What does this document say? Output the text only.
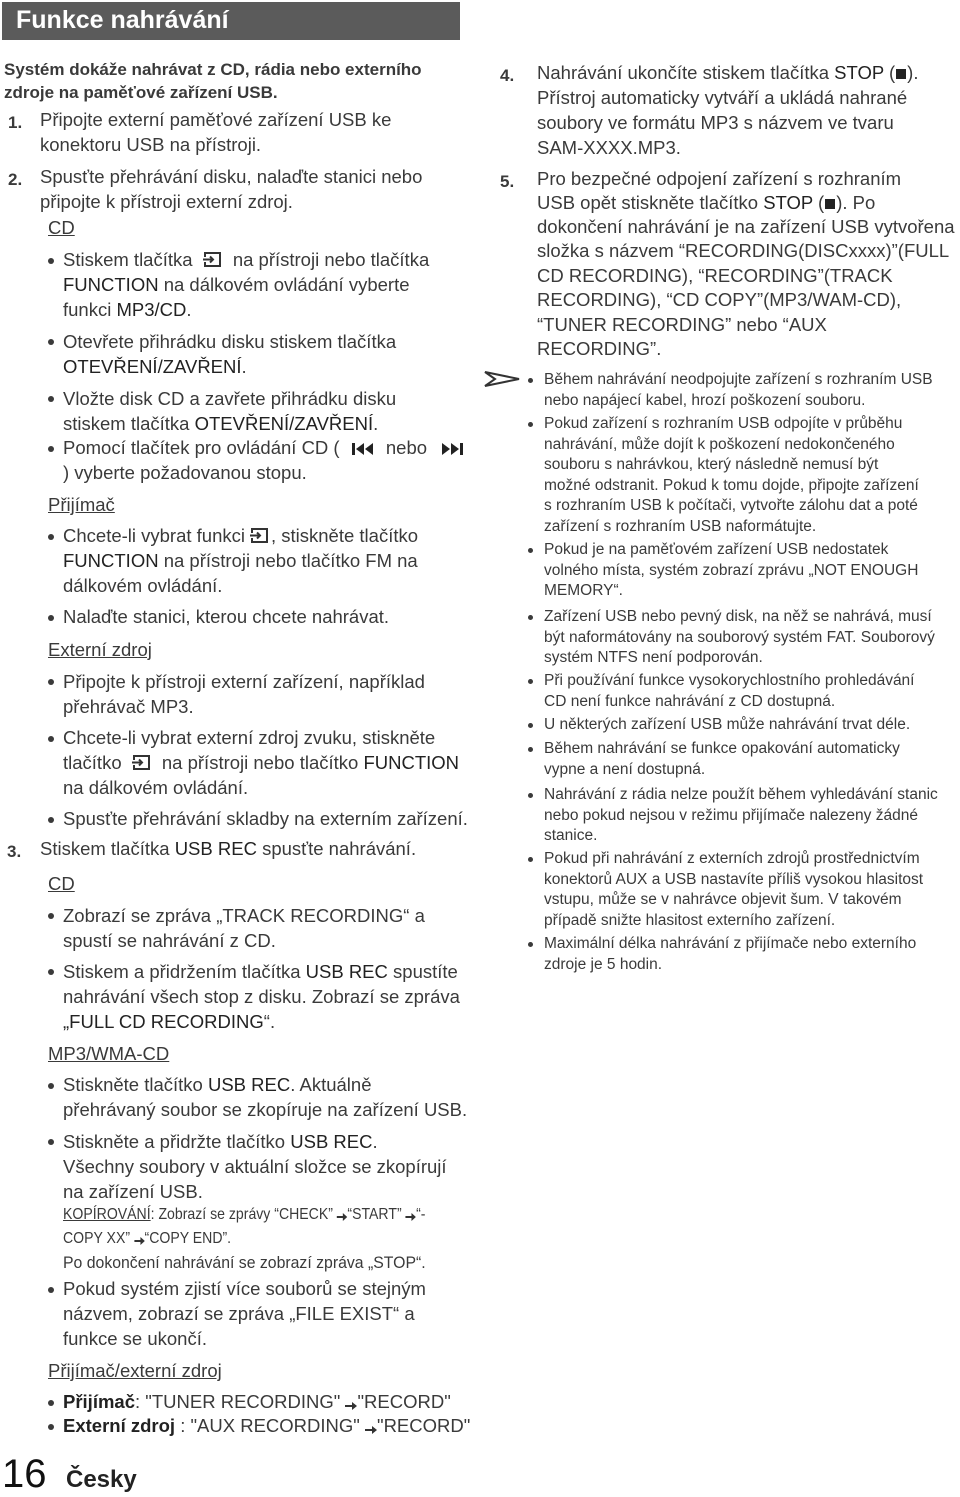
Funkce nahrávání
Systém dokáže nahrávat z CD, rádia nebo externího
zdroje na paměťové zařízení USB.
1. Připojte externí paměťové zařízení USB ke
konektoru USB na přístroji.
2. Spusťte přehrávání disku, nalaďte stanici nebo
připojte k přístroji externí zdroj.
CD
Stiskem tlačítka na přístroji nebo tlačítka
FUNCTION na dálkovém ovládání vyberte
funkci MP3/CD.
Otevřete přihrádku disku stiskem tlačítka
OTEVŘENÍ/ZAVŘENÍ.
Vložte disk CD a zavřete přihrádku disku
stiskem tlačítka OTEVŘENÍ/ZAVŘENÍ.
Pomocí tlačítek pro ovládání CD (	nebo
) vyberte požadovanou stopu.
Přijímač
Chcete-li vybrat funkci , stiskněte tlačítko
FUNCTION na přístroji nebo tlačítko FM na
dálkovém ovládání.
Nalaďte stanici, kterou chcete nahrávat.
Externí zdroj
Připojte k přístroji externí zařízení, například
přehrávač MP3.
Chcete-li vybrat externí zdroj zvuku, stiskněte
tlačítko na přístroji nebo tlačítko FUNCTION
na dálkovém ovládání.
Spusťte přehrávání skladby na externím zařízení.
3. Stiskem tlačítka USB REC spusťte nahrávání.
CD
Zobrazí se zpráva „TRACK RECORDING“ a
spustí se nahrávání z CD.
Stiskem a přidržením tlačítka USB REC spustíte
nahrávání všech stop z disku. Zobrazí se zpráva
„FULL CD RECORDING“.
MP3/WMA-CD
Stiskněte tlačítko USB REC. Aktuálně
přehrávaný soubor se zkopíruje na zařízení USB.
Stiskněte a přidržte tlačítko USB REC.
Všechny soubory v aktuální složce se zkopírují
na zařízení USB.
KOPÍROVÁNÍ: Zobrazí se zprávy “CHECK” “START” “-
COPY XX” “COPY END”.
Po dokončení nahrávání se zobrazí zpráva „STOP“.
Pokud systém zjistí více souborů se stejným
názvem, zobrazí se zpráva „FILE EXIST“ a
funkce se ukončí.
Přijímač/externí zdroj
Přijímač: "TUNER RECORDING" "RECORD"
Externí zdroj : "AUX RECORDING" "RECORD"
16 Česky
4. Nahrávání ukončíte stiskem tlačítka STOP ( ).
Přístroj automaticky vytváří a ukládá nahrané
soubory ve formátu MP3 s názvem ve tvaru
SAM-XXXX.MP3.
5. Pro bezpečné odpojení zařízení s rozhraním
USB opět stiskněte tlačítko STOP ( ). Po
dokončení nahrávání je na zařízení USB vytvořena
složka s názvem “RECORDING(DISCxxxx)”(FULL
CD RECORDING), “RECORDING”(TRACK
RECORDING), “CD COPY”(MP3/WAM-CD),
“TUNER RECORDING” nebo “AUX
RECORDING”.
Během nahrávání neodpojujte zařízení s rozhraním USB
nebo napájecí kabel, hrozí poškození souboru.
Pokud zařízení s rozhraním USB odpojíte v průběhu
nahrávání, může dojít k poškození nedokončeného
souboru s nahrávkou, který následně nemusí být
možné odstranit. Pokud k tomu dojde, připojte zařízení
s rozhraním USB k počítači, vytvořte zálohu dat a poté
zařízení s rozhraním USB naformátujte.
Pokud je na paměťovém zařízení USB nedostatek
volného místa, systém zobrazí zprávu „NOT ENOUGH
MEMORY“.
Zařízení USB nebo pevný disk, na něž se nahrává, musí
být naformátovány na souborový systém FAT. Souborový
systém NTFS není podporován.
Při používání funkce vysokorychlostního prohledávání
CD není funkce nahrávání z CD dostupná.
U některých zařízení USB může nahrávání trvat déle.
Během nahrávání se funkce opakování automaticky
vypne a není dostupná.
Nahrávání z rádia nelze použít během vyhledávání stanic
nebo pokud nejsou v režimu přijímače nalezeny žádné
stanice.
Pokud při nahrávání z externích zdrojů prostřednictvím
konektorů AUX a USB nastavíte příliš vysokou hlasitost
vstupu, může se v nahrávce objevit šum. V takovém
případě snižte hlasitost externího zařízení.
Maximální délka nahrávání z přijímače nebo externího
zdroje je 5 hodin.
